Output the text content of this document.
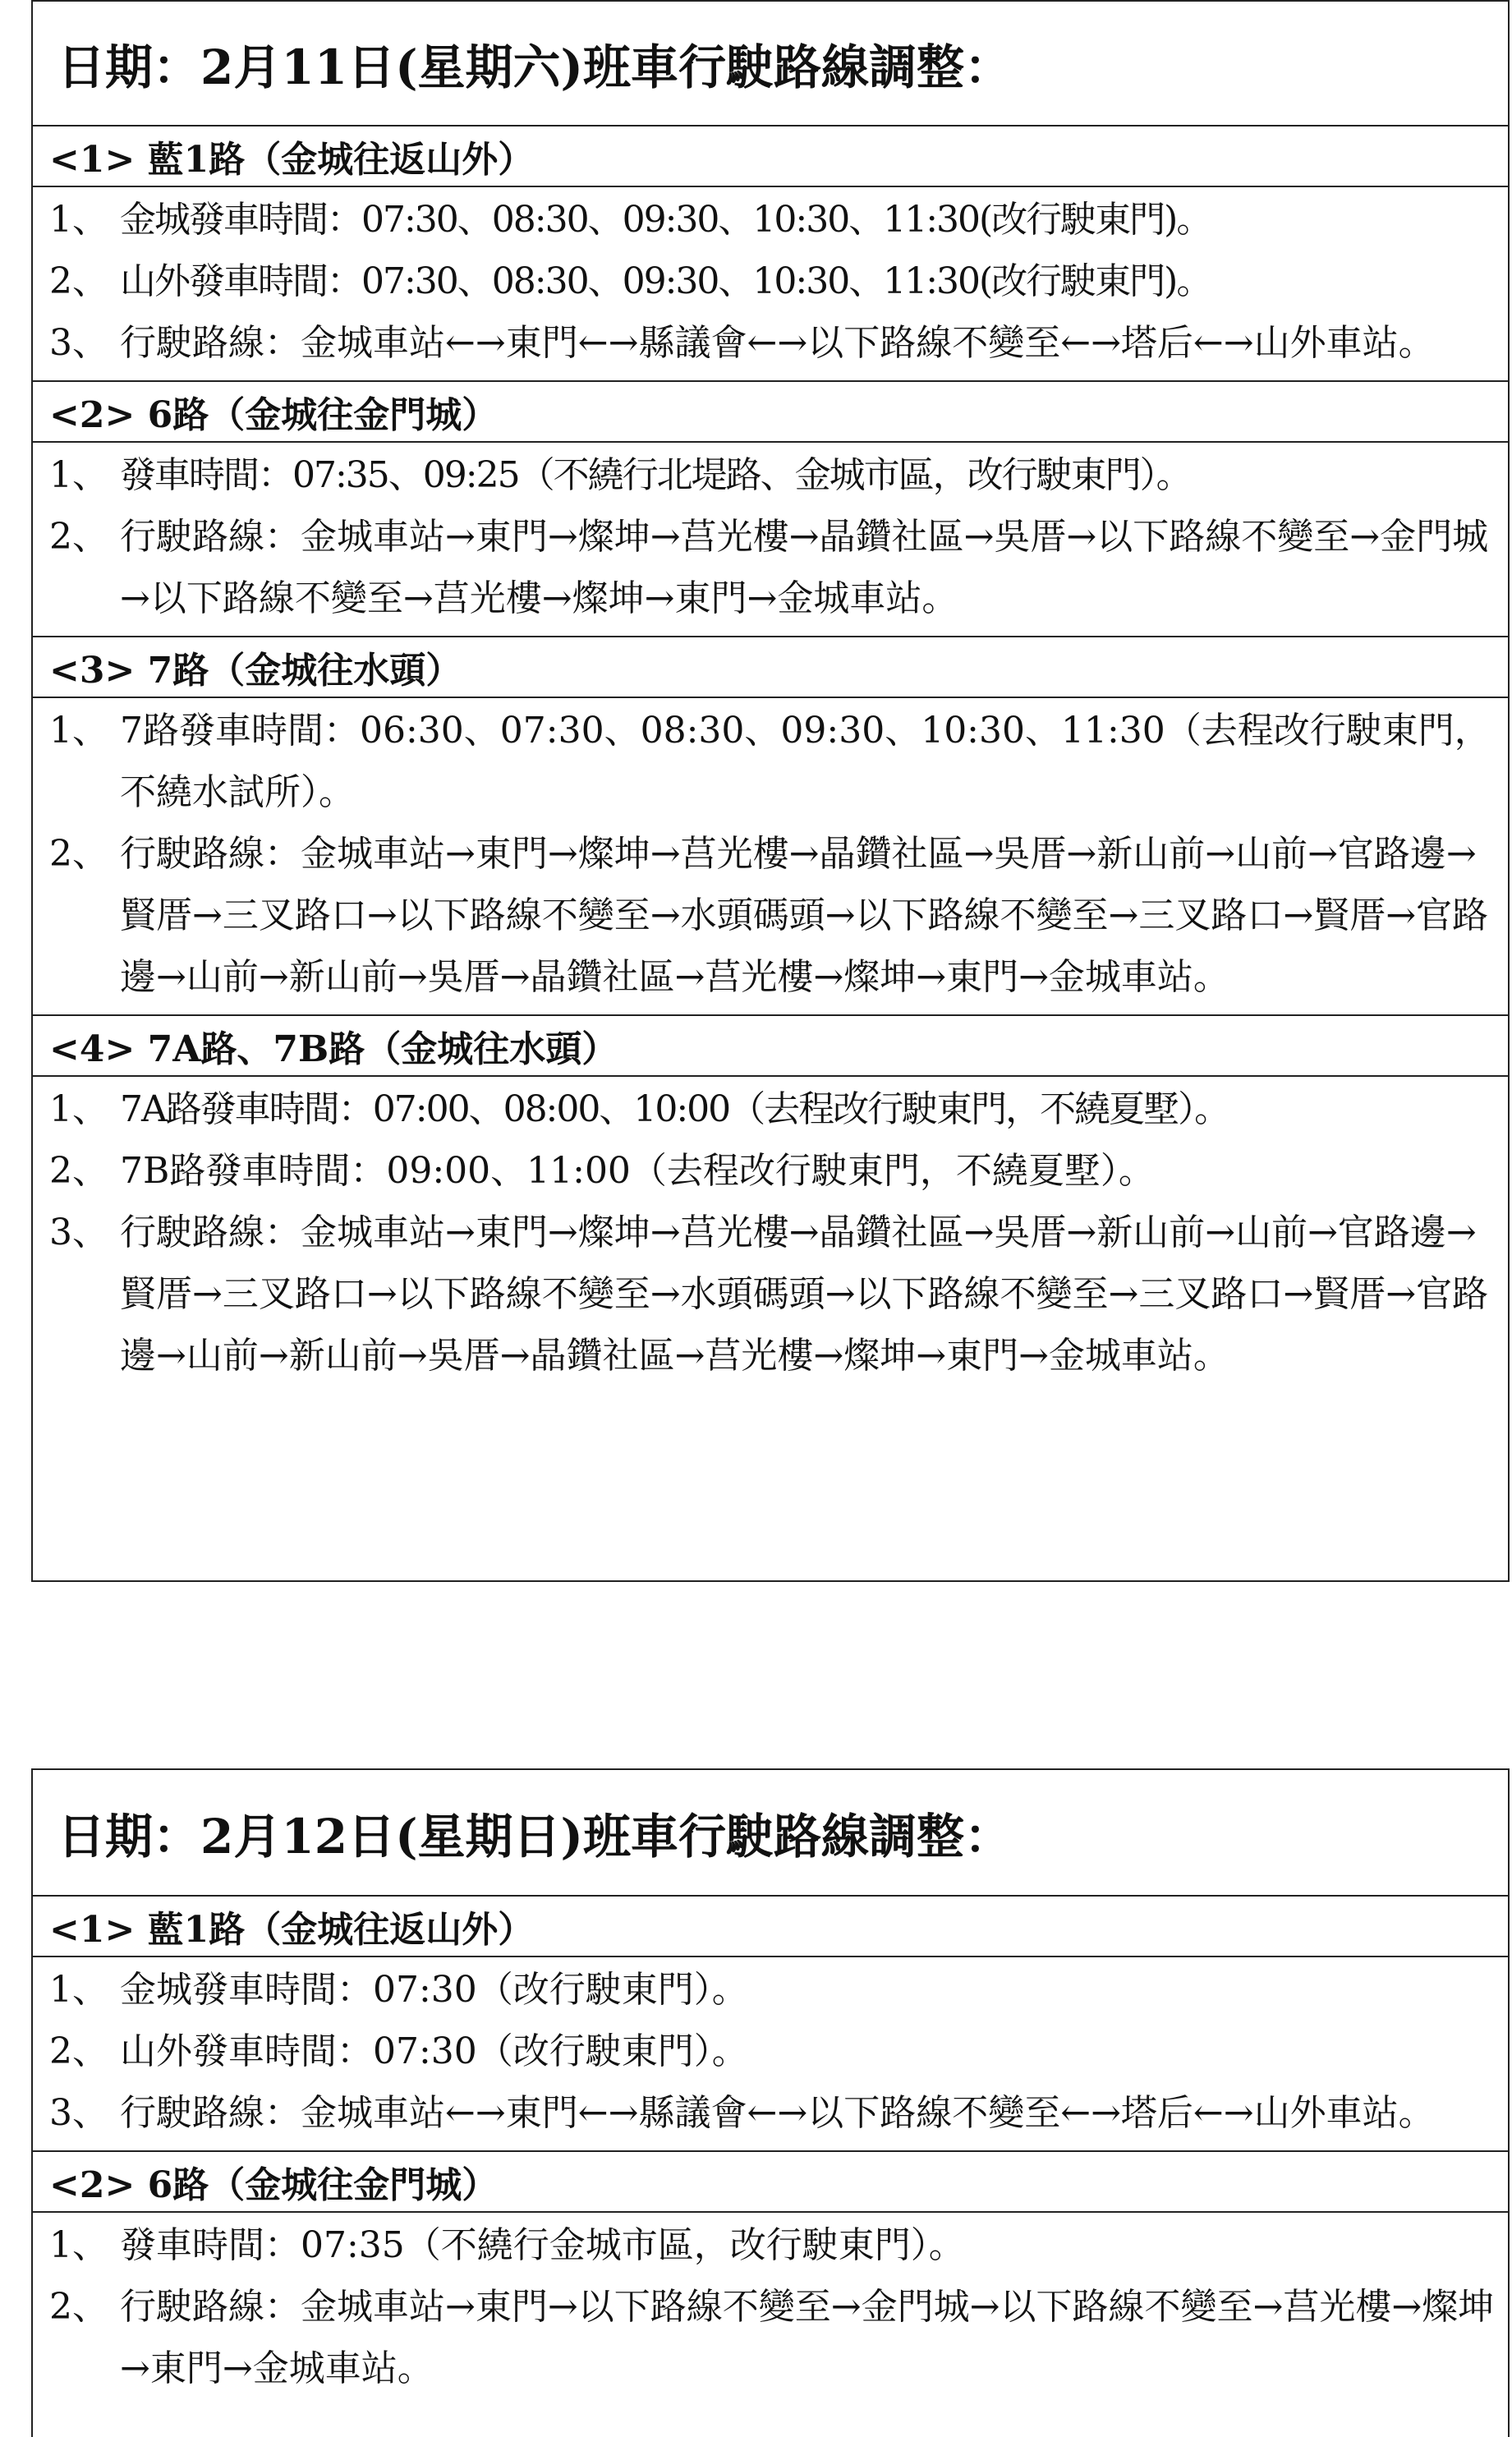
日期：2月11日(星期六)班車行駛路線調整：
<1> 藍1路（金城往返山外）
1、 金城發車時間：07:30、08:30、09:30、10:30、11:30(改行駛東門)。
2、 山外發車時間：07:30、08:30、09:30、10:30、11:30(改行駛東門)。
3、 行駛路線：金城車站←→東門←→縣議會←→以下路線不變至←→塔后←→山外車站。
<2> 6路（金城往金門城）
1、 發車時間：07:35、09:25（不繞行北堤路、金城市區，改行駛東門）。
2、 行駛路線：金城車站→東門→燦坤→莒光樓→晶鑽社區→吳厝→以下路線不變至→金門城→以下路線不變至→莒光樓→燦坤→東門→金城車站。
<3> 7路（金城往水頭）
1、 7路發車時間：06:30、07:30、08:30、09:30、10:30、11:30（去程改行駛東門，不繞水試所）。
2、 行駛路線：金城車站→東門→燦坤→莒光樓→晶鑽社區→吳厝→新山前→山前→官路邊→賢厝→三叉路口→以下路線不變至→水頭碼頭→以下路線不變至→三叉路口→賢厝→官路邊→山前→新山前→吳厝→晶鑽社區→莒光樓→燦坤→東門→金城車站。
<4> 7A路、7B路（金城往水頭）
1、 7A路發車時間：07:00、08:00、10:00（去程改行駛東門，不繞夏墅）。
2、 7B路發車時間：09:00、11:00（去程改行駛東門，不繞夏墅）。
3、 行駛路線：金城車站→東門→燦坤→莒光樓→晶鑽社區→吳厝→新山前→山前→官路邊→賢厝→三叉路口→以下路線不變至→水頭碼頭→以下路線不變至→三叉路口→賢厝→官路邊→山前→新山前→吳厝→晶鑽社區→莒光樓→燦坤→東門→金城車站。
日期：2月12日(星期日)班車行駛路線調整：
<1> 藍1路（金城往返山外）
1、 金城發車時間：07:30（改行駛東門）。
2、 山外發車時間：07:30（改行駛東門）。
3、 行駛路線：金城車站←→東門←→縣議會←→以下路線不變至←→塔后←→山外車站。
<2> 6路（金城往金門城）
1、 發車時間：07:35（不繞行金城市區，改行駛東門）。
2、 行駛路線：金城車站→東門→以下路線不變至→金門城→以下路線不變至→莒光樓→燦坤→東門→金城車站。
